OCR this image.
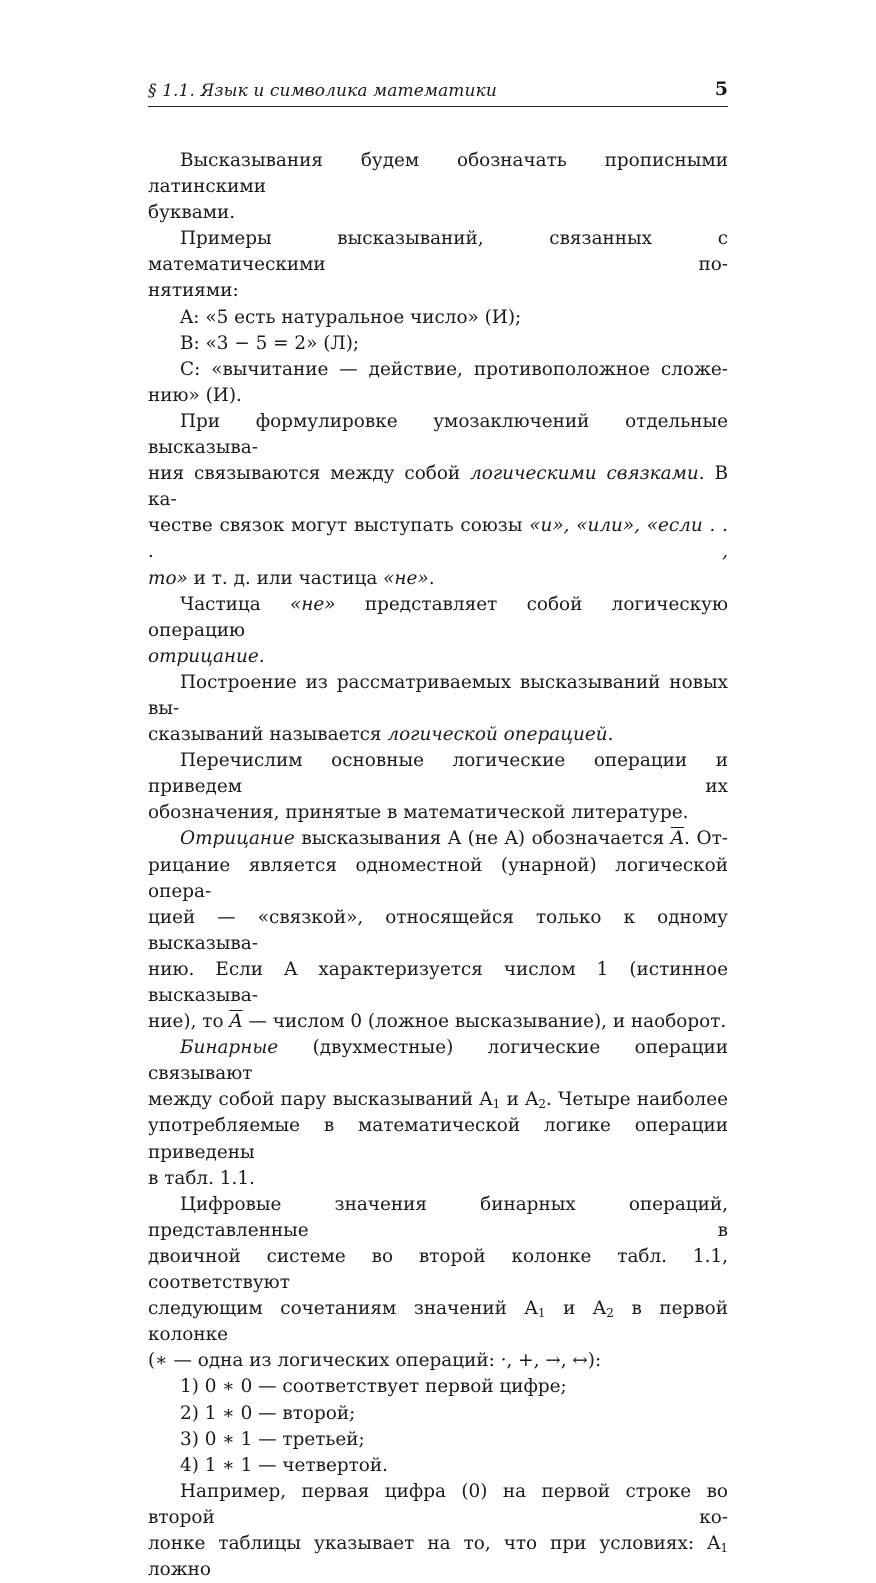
§ 1.1. Язык и символика математики	5
Высказывания будем обозначать прописными латинскими
буквами.
Примеры высказываний, связанных с математическими по-
нятиями:
A: «5 есть натуральное число» (И);
B: «3 − 5 = 2» (Л);
C: «вычитание — действие, противоположное сложе-
нию» (И).
При формулировке умозаключений отдельные высказыва-
ния связываются между собой логическими связками. В ка-
честве связок могут выступать союзы «и», «или», «если . . . ,
то» и т. д. или частица «не».
Частица «не» представляет собой логическую операцию
отрицание.
Построение из рассматриваемых высказываний новых вы-
сказываний называется логической операцией.
Перечислим основные логические операции и приведем их
обозначения, принятые в математической литературе.
Отрицание высказывания A (не A) обозначается $\overline{A}$. От-
рицание является одноместной (унарной) логической опера-
цией — «связкой», относящейся только к одному высказыва-
нию. Если A характеризуется числом 1 (истинное высказыва-
ние), то $\overline{A}$ — числом 0 (ложное высказывание), и наоборот.
Бинарные (двухместные) логические операции связывают
между собой пару высказываний $A_1$ и $A_2$. Четыре наиболее
употребляемые в математической логике операции приведены
в табл. 1.1.
Цифровые значения бинарных операций, представленные в
двоичной системе во второй колонке табл. 1.1, соответствуют
следующим сочетаниям значений $A_1$ и $A_2$ в первой колонке
(∗ — одна из логических операций: ·, +, →, ↔):
1) 0 ∗ 0 — соответствует первой цифре;
2) 1 ∗ 0 — второй;
3) 0 ∗ 1 — третьей;
4) 1 ∗ 1 — четвертой.
Например, первая цифра (0) на первой строке во второй ко-
лонке таблицы указывает на то, что при условиях: $A_1$ ложно
